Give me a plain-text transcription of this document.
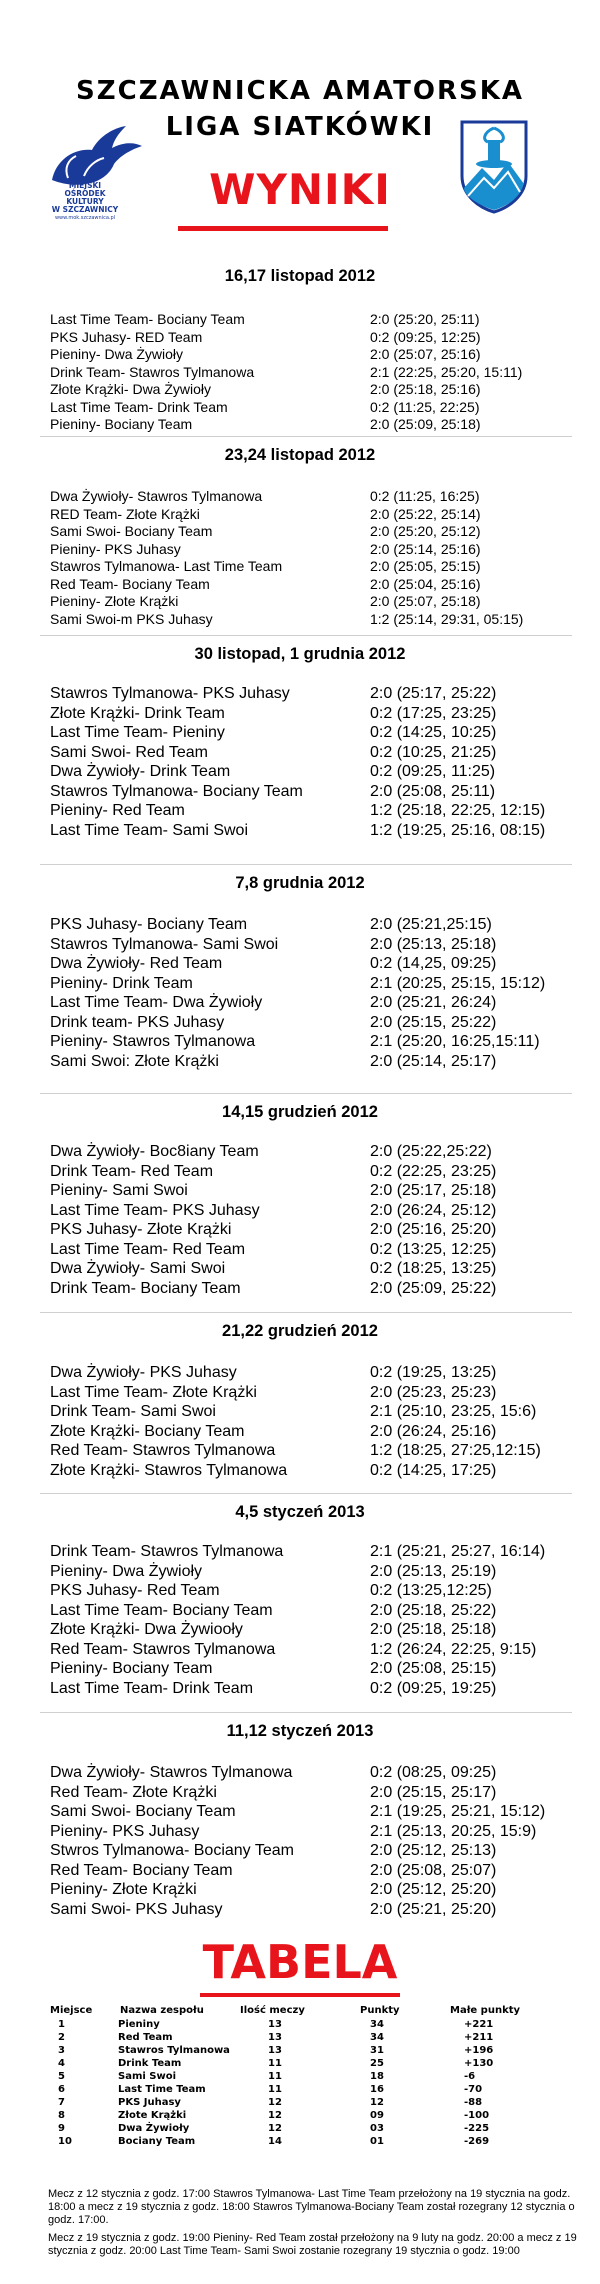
MIEJSKI
OŚRODEK KULTURY
W SZCZAWNICY
www.mok.szczawnica.pl
SZCZAWNICKA AMATORSKA
LIGA SIATKÓWKI
WYNIKI
16,17 listopad 2012
Last Time Team- Bociany Team	2:0 (25:20, 25:11)
PKS Juhasy- RED Team	0:2 (09:25, 12:25)
Pieniny- Dwa Żywioły	2:0 (25:07, 25:16)
Drink Team- Stawros Tylmanowa	2:1 (22:25, 25:20, 15:11)
Złote Krążki- Dwa Żywioły	2:0 (25:18, 25:16)
Last Time Team- Drink Team	0:2 (11:25, 22:25)
Pieniny- Bociany Team	2:0 (25:09, 25:18)
23,24 listopad 2012
Dwa Żywioły- Stawros Tylmanowa	0:2 (11:25, 16:25)
RED Team- Złote Krążki	2:0 (25:22, 25:14)
Sami Swoi- Bociany Team	2:0 (25:20, 25:12)
Pieniny- PKS Juhasy	2:0 (25:14, 25:16)
Stawros Tylmanowa- Last Time Team	2:0 (25:05, 25:15)
Red Team- Bociany Team	2:0 (25:04, 25:16)
Pieniny- Złote Krążki	2:0 (25:07, 25:18)
Sami Swoi-m PKS Juhasy	1:2 (25:14, 29:31, 05:15)
30 listopad, 1 grudnia 2012
Stawros Tylmanowa- PKS Juhasy	2:0 (25:17, 25:22)
Złote Krążki- Drink Team	0:2 (17:25, 23:25)
Last Time Team- Pieniny	0:2 (14:25, 10:25)
Sami Swoi- Red Team	0:2 (10:25, 21:25)
Dwa Żywioły- Drink Team	0:2 (09:25, 11:25)
Stawros Tylmanowa- Bociany Team	2:0 (25:08, 25:11)
Pieniny- Red Team	1:2 (25:18, 22:25, 12:15)
Last Time Team- Sami Swoi	1:2 (19:25, 25:16, 08:15)
7,8 grudnia 2012
PKS Juhasy- Bociany Team	2:0 (25:21,25:15)
Stawros Tylmanowa- Sami Swoi	2:0 (25:13, 25:18)
Dwa Żywioły- Red Team	0:2 (14,25, 09:25)
Pieniny- Drink Team	2:1 (20:25, 25:15, 15:12)
Last Time Team- Dwa Żywioły	2:0 (25:21, 26:24)
Drink team- PKS Juhasy	2:0 (25:15, 25:22)
Pieniny- Stawros Tylmanowa	2:1 (25:20, 16:25,15:11)
Sami Swoi: Złote Krążki	2:0 (25:14, 25:17)
14,15 grudzień 2012
Dwa Żywioły- Boc8iany Team	2:0 (25:22,25:22)
Drink Team- Red Team	0:2 (22:25, 23:25)
Pieniny- Sami Swoi	2:0 (25:17, 25:18)
Last Time Team- PKS Juhasy	2:0 (26:24, 25:12)
PKS Juhasy- Złote Krążki	2:0 (25:16, 25:20)
Last Time Team- Red Team	0:2 (13:25, 12:25)
Dwa Żywioły- Sami Swoi	0:2 (18:25, 13:25)
Drink Team- Bociany Team	2:0 (25:09, 25:22)
21,22 grudzień 2012
Dwa Żywioły- PKS Juhasy	0:2 (19:25, 13:25)
Last Time Team- Złote Krążki	2:0 (25:23, 25:23)
Drink Team- Sami Swoi	2:1 (25:10, 23:25, 15:6)
Złote Krążki- Bociany Team	2:0 (26:24, 25:16)
Red Team- Stawros Tylmanowa	1:2 (18:25, 27:25,12:15)
Złote Krążki- Stawros Tylmanowa	0:2 (14:25, 17:25)
4,5 styczeń 2013
Drink Team- Stawros Tylmanowa	2:1 (25:21, 25:27, 16:14)
Pieniny- Dwa Żywioły	2:0 (25:13, 25:19)
PKS Juhasy- Red Team	0:2 (13:25,12:25)
Last Time Team- Bociany Team	2:0 (25:18, 25:22)
Złote Krążki- Dwa Żywiooły	2:0 (25:18, 25:18)
Red Team- Stawros Tylmanowa	1:2 (26:24, 22:25, 9:15)
Pieniny- Bociany Team	2:0 (25:08, 25:15)
Last Time Team- Drink Team	0:2 (09:25, 19:25)
11,12 styczeń 2013
Dwa Żywioły- Stawros Tylmanowa	0:2 (08:25, 09:25)
Red Team- Złote Krążki	2:0 (25:15, 25:17)
Sami Swoi- Bociany Team	2:1 (19:25, 25:21, 15:12)
Pieniny- PKS Juhasy	2:1 (25:13, 20:25, 15:9)
Stwros Tylmanowa- Bociany Team	2:0 (25:12, 25:13)
Red Team- Bociany Team	2:0 (25:08, 25:07)
Pieniny- Złote Krążki	2:0 (25:12, 25:20)
Sami Swoi- PKS Juhasy	2:0 (25:21, 25:20)
TABELA
Miejsce	Nazwa zespołu	Ilość meczy	Punkty	Małe punkty
1	Pieniny	13	34	+221
2	Red Team	13	34	+211
3	Stawros Tylmanowa	13	31	+196
4	Drink Team	11	25	+130
5	Sami Swoi	11	18	-6
6	Last Time Team	11	16	-70
7	PKS Juhasy	12	12	-88
8	Złote Krążki	12	09	-100
9	Dwa Żywioły	12	03	-225
10	Bociany Team	14	01	-269
Mecz z 12 stycznia z godz. 17:00 Stawros Tylmanowa- Last Time Team przełożony na 19 stycznia na godz. 18:00 a mecz z 19 stycznia z godz. 18:00 Stawros Tylmanowa-Bociany Team został rozegrany 12 stycznia o godz. 17:00.
Mecz z 19 stycznia z godz. 19:00 Pieniny- Red Team został przełożony na 9 luty na godz. 20:00 a mecz z 19 stycznia z godz. 20:00 Last Time Team- Sami Swoi zostanie rozegrany 19 stycznia o godz. 19:00
